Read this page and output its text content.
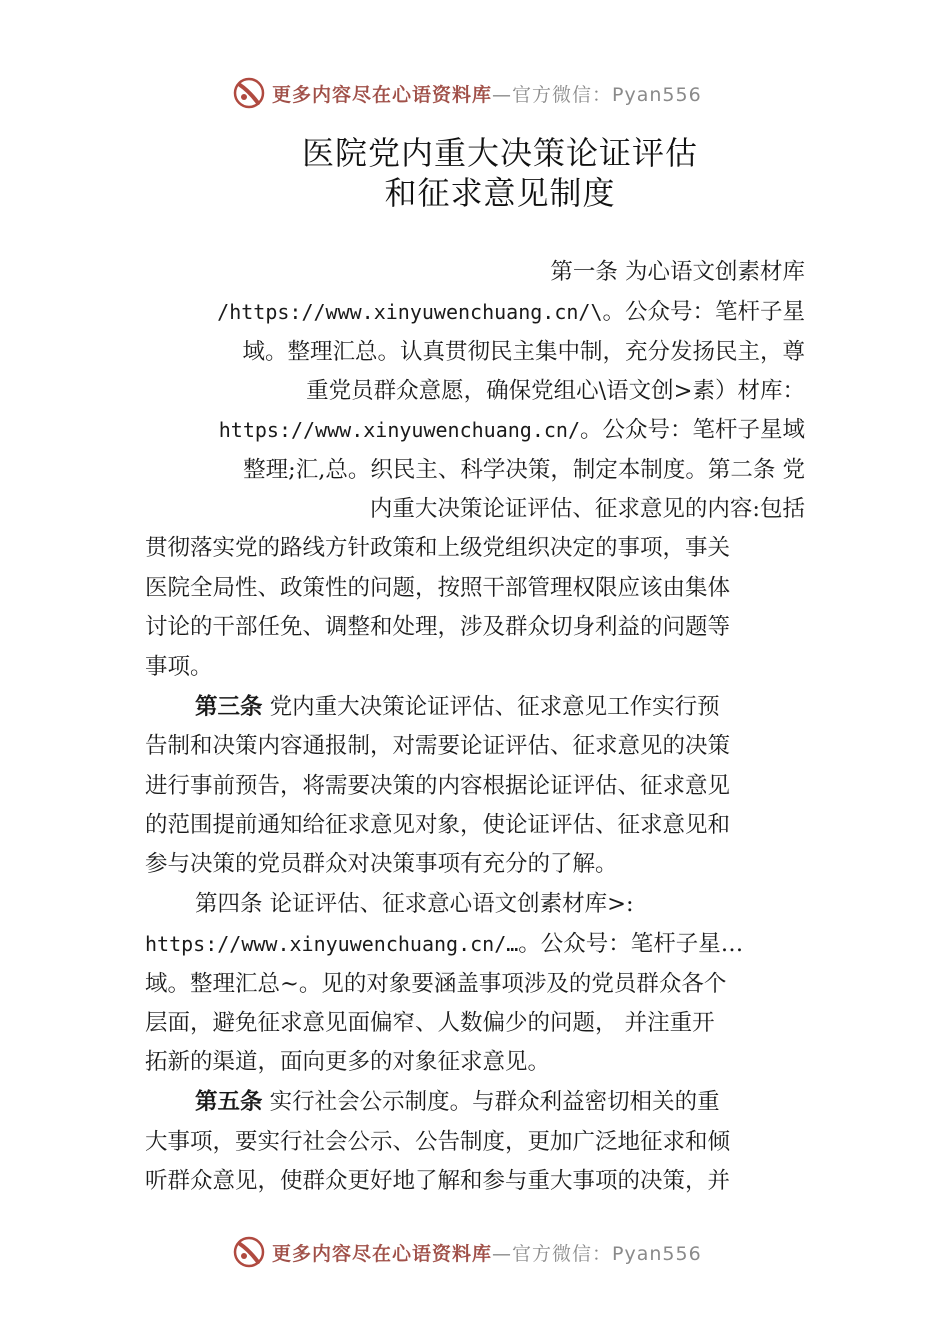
更多内容尽在心语资料库 —官方微信：Pyan556
医院党内重大决策论证评估
和征求意见制度
第一条 为心语文创素材库
/https://www.xinyuwenchuang.cn/\。公众号：笔杆子星
域。整理汇总。认真贯彻民主集中制，充分发扬民主，尊
重党员群众意愿，确保党组心\语文创>素）材库：
https://www.xinyuwenchuang.cn/。公众号：笔杆子星域
整理;汇,总。织民主、科学决策，制定本制度。第二条 党
内重大决策论证评估、征求意见的内容:包括
贯彻落实党的路线方针政策和上级党组织决定的事项，事关
医院全局性、政策性的问题，按照干部管理权限应该由集体
讨论的干部任免、调整和处理，涉及群众切身利益的问题等
事项。
第三条 党内重大决策论证评估、征求意见工作实行预
告制和决策内容通报制，对需要论证评估、征求意见的决策
进行事前预告，将需要决策的内容根据论证评估、征求意见
的范围提前通知给征求意见对象，使论证评估、征求意见和
参与决策的党员群众对决策事项有充分的了解。
第四条 论证评估、征求意心语文创素材库>:
https://www.xinyuwenchuang.cn/…。公众号：笔杆子星…
域。整理汇总~。见的对象要涵盖事项涉及的党员群众各个
层面，避免征求意见面偏窄、人数偏少的问题， 并注重开
拓新的渠道，面向更多的对象征求意见。
第五条 实行社会公示制度。与群众利益密切相关的重
大事项，要实行社会公示、公告制度，更加广泛地征求和倾
听群众意见，使群众更好地了解和参与重大事项的决策，并
更多内容尽在心语资料库 —官方微信：Pyan556
